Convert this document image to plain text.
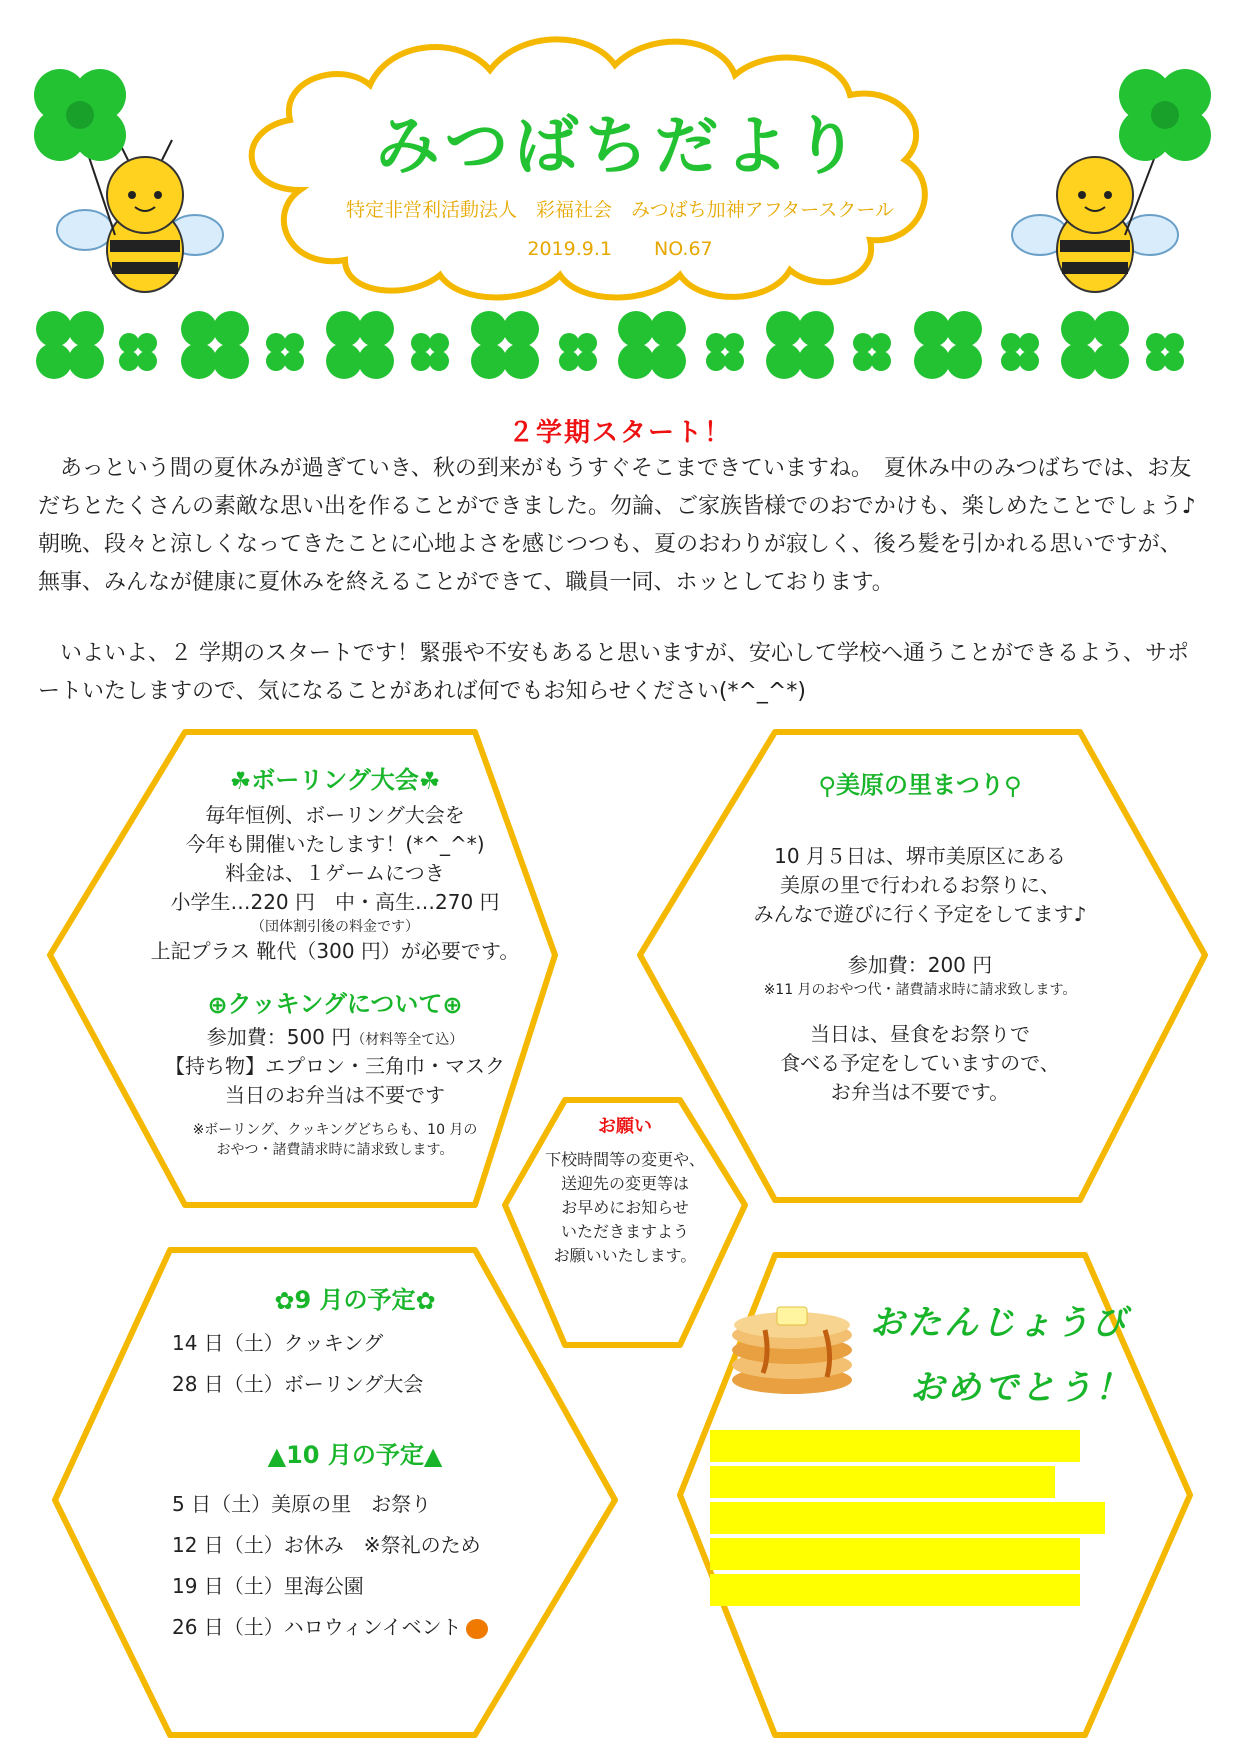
みつばちだより
特定非営利活動法人　彩福社会　みつばち加神アフタースクール
2019.9.1 NO.67
２学期スタート！

あっという間の夏休みが過ぎていき、秋の到来がもうすぐそこまできていますね。　夏休み中のみつばちでは、お友だちとたくさんの素敵な思い出を作ることができました。勿論、ご家族皆様でのおでかけも、楽しめたことでしょう♪　朝晩、段々と涼しくなってきたことに心地よさを感じつつも、夏のおわりが寂しく、後ろ髪を引かれる思いですが、無事、みんなが健康に夏休みを終えることができて、職員一同、ホッとしております。

いよいよ、２ 学期のスタートです！緊張や不安もあると思いますが、安心して学校へ通うことができるよう、サポートいたしますので、気になることがあれば何でもお知らせください(*^_^*)

☘ボーリング大会☘
毎年恒例、ボーリング大会を
今年も開催いたします！(*^_^*)
料金は、１ゲームにつき
小学生…220 円　中・高生…270 円
（団体割引後の料金です）
上記プラス 靴代（300 円）が必要です。
⊕クッキングについて⊕
参加費：500 円（材料等全て込）
【持ち物】エプロン・三角巾・マスク
当日のお弁当は不要です
※ボーリング、クッキングどちらも、10 月の
おやつ・諸費請求時に請求致します。
⚲美原の里まつり⚲
10 月５日は、堺市美原区にある
美原の里で行われるお祭りに、
みんなで遊びに行く予定をしてます♪
参加費：200 円
※11 月のおやつ代・諸費請求時に請求致します。
当日は、昼食をお祭りで
食べる予定をしていますので、
お弁当は不要です。
お願い
下校時間等の変更や、
送迎先の変更等は
お早めにお知らせ
いただきますよう
お願いいたします。
✿9 月の予定✿
14 日（土）クッキング
28 日（土）ボーリング大会
▲10 月の予定▲
5 日（土）美原の里　お祭り
12 日（土）お休み　※祭礼のため
19 日（土）里海公園
26 日（土）ハロウィンイベント
おたんじょうび
おめでとう！
